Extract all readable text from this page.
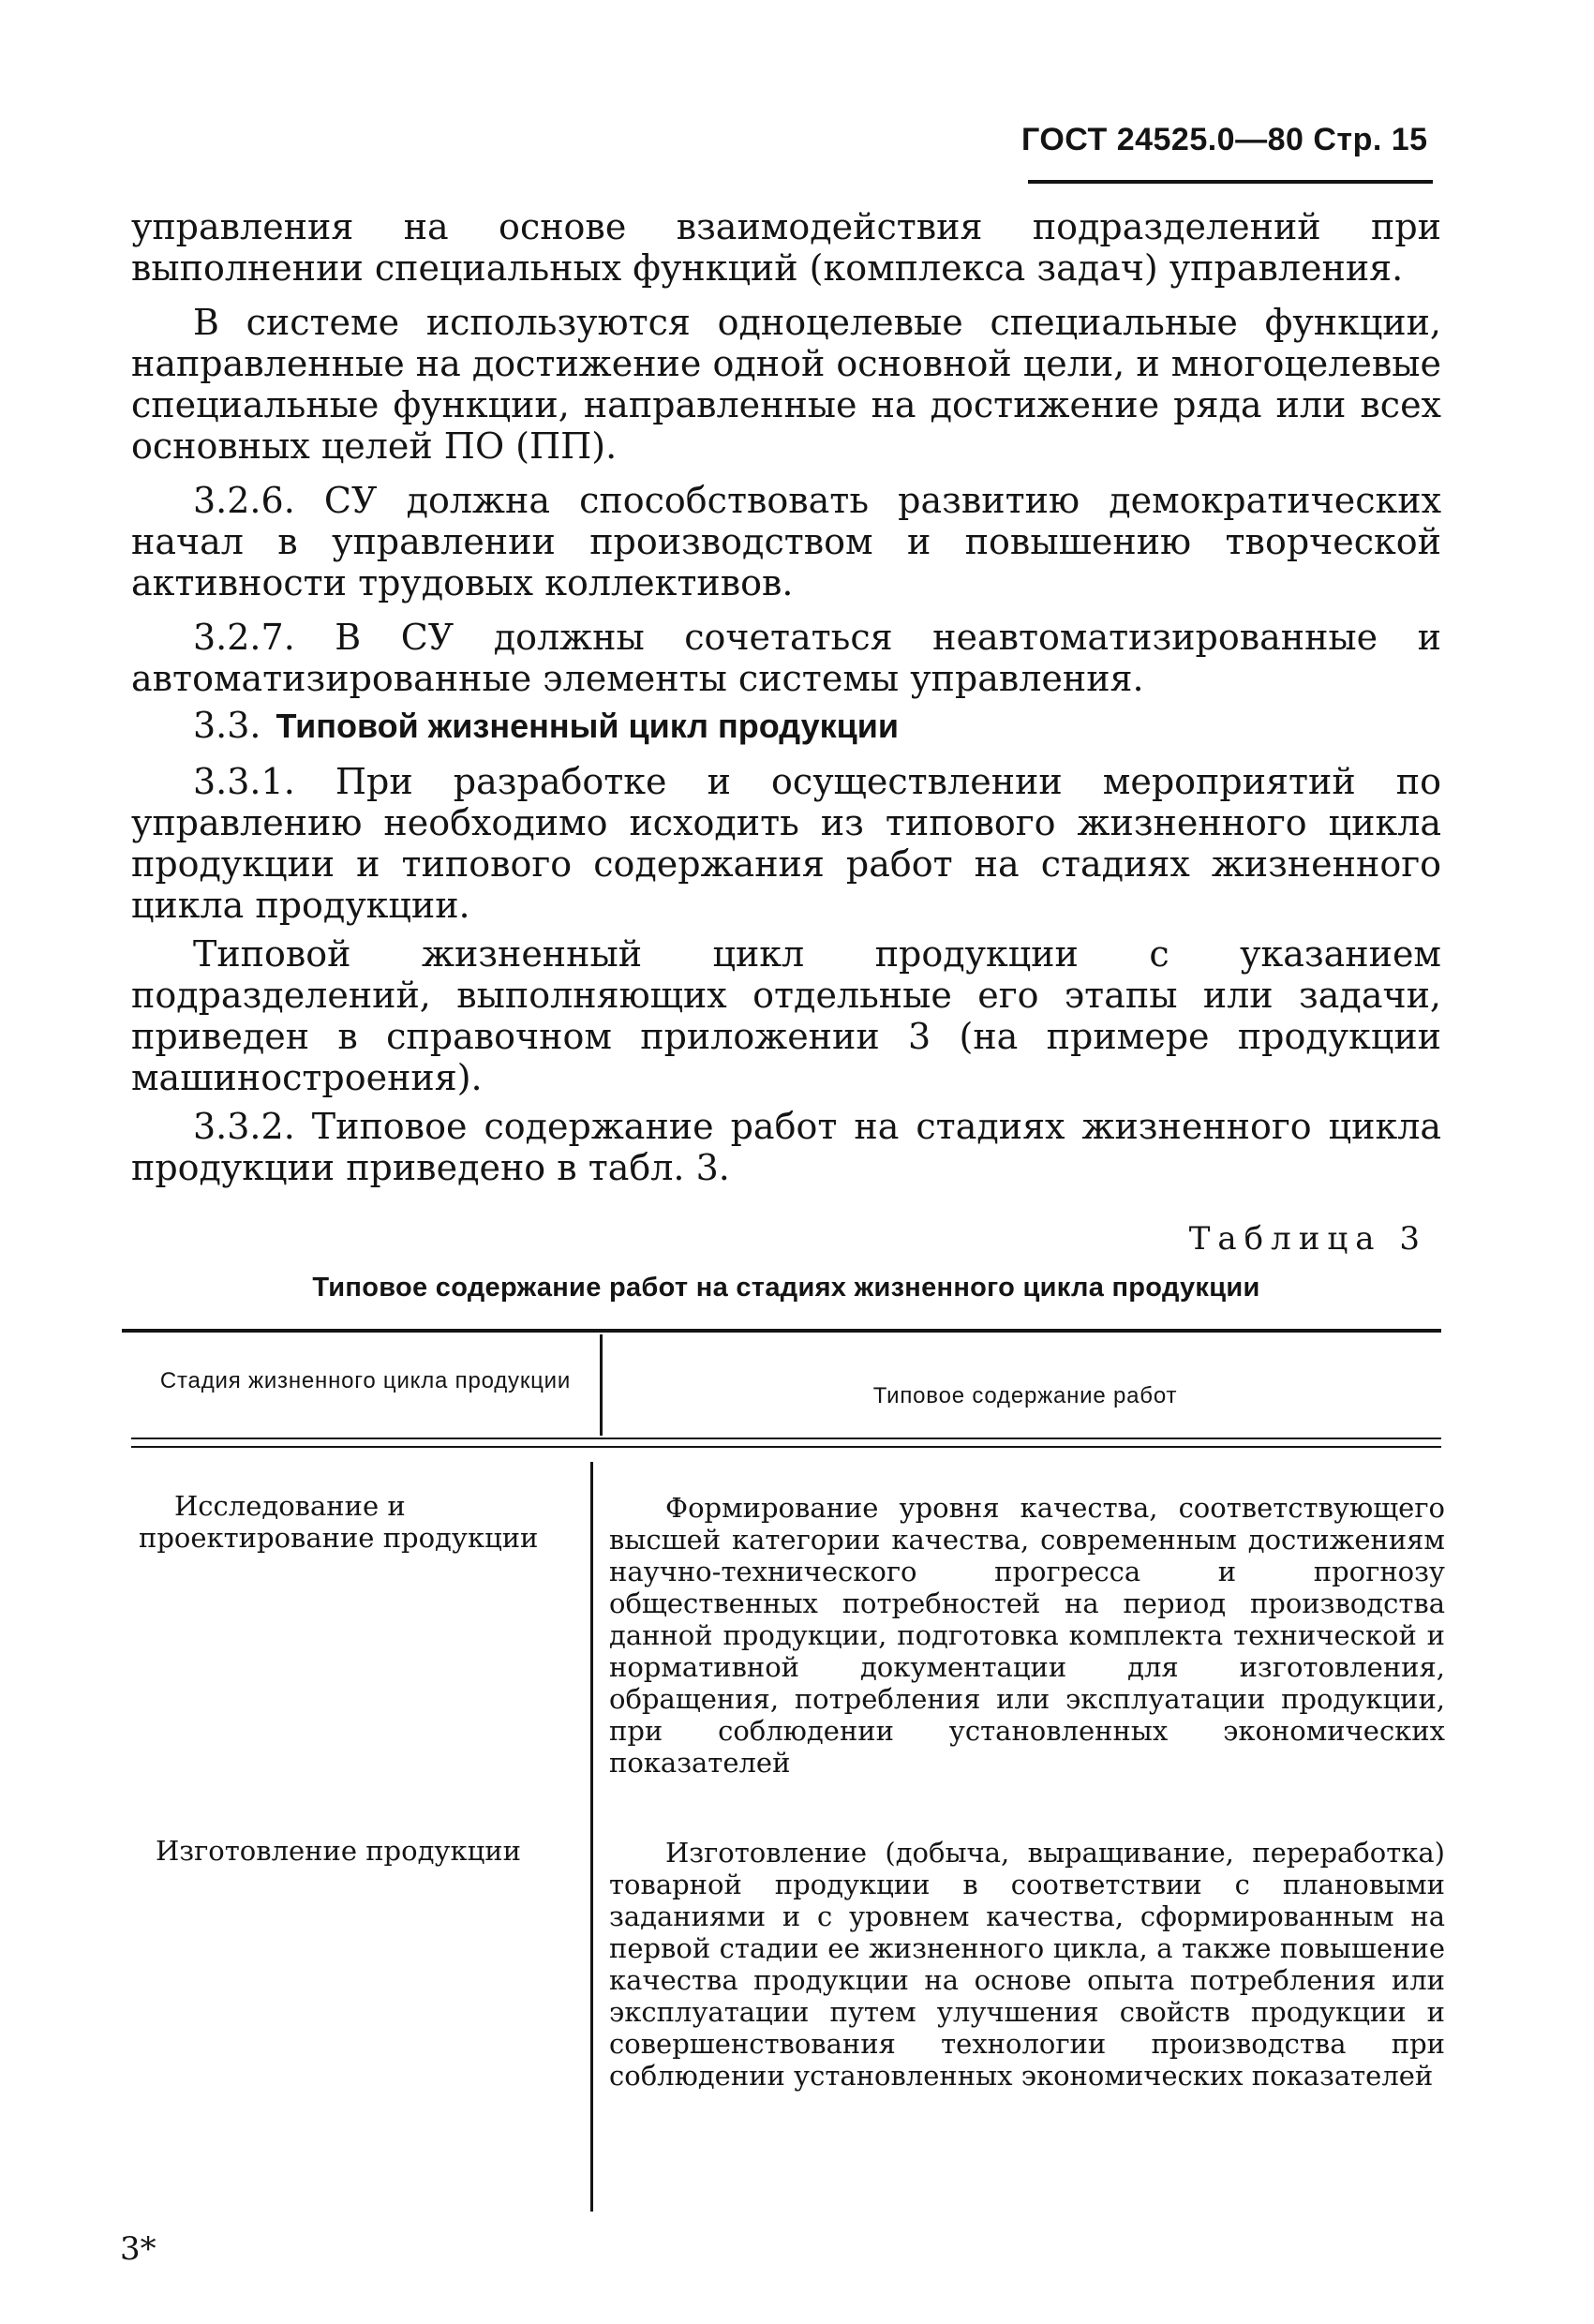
ГОСТ 24525.0—80 Стр. 15

управления на основе взаимодействия подразделений при выполнении специальных функций (комплекса задач) управления.

В системе используются одноцелевые специальные функции, направленные на достижение одной основной цели, и многоцелевые специальные функции, направленные на достижение ряда или всех основных целей ПО (ПП).

3.2.6. СУ должна способствовать развитию демократических начал в управлении производством и повышению творческой активности трудовых коллективов.

3.2.7. В СУ должны сочетаться неавтоматизированные и автоматизированные элементы системы управления.

3.3. Типовой жизненный цикл продукции

3.3.1. При разработке и осуществлении мероприятий по управлению необходимо исходить из типового жизненного цикла продукции и типового содержания работ на стадиях жизненного цикла продукции.

Типовой жизненный цикл продукции с указанием подразделений, выполняющих отдельные его этапы или задачи, приведен в справочном приложении 3 (на примере продукции машиностроения).

3.3.2. Типовое содержание работ на стадиях жизненного цикла продукции приведено в табл. 3.

Таблица 3
Типовое содержание работ на стадиях жизненного цикла продукции
Стадия жизненного цикла продукции
Типовое содержание работ
Исследование и проектирование продукции
Формирование уровня качества, соответствующего высшей категории качества, современным достижениям научно-технического прогресса и прогнозу общественных потребностей на период производства данной продукции, подготовка комплекта технической и нормативной документации для изготовления, обращения, потребления или эксплуатации продукции, при соблюдении установленных экономических показателей
Изготовление продукции	Изготовление (добыча, выращивание, переработка) товарной продукции в соответствии с плановыми заданиями и с уровнем качества, сформированным на первой стадии ее жизненного цикла, а также повышение качества продукции на основе опыта потребления или эксплуатации путем улучшения свойств продукции и совершенствования технологии производства при соблюдении установленных экономических показателей
3*
